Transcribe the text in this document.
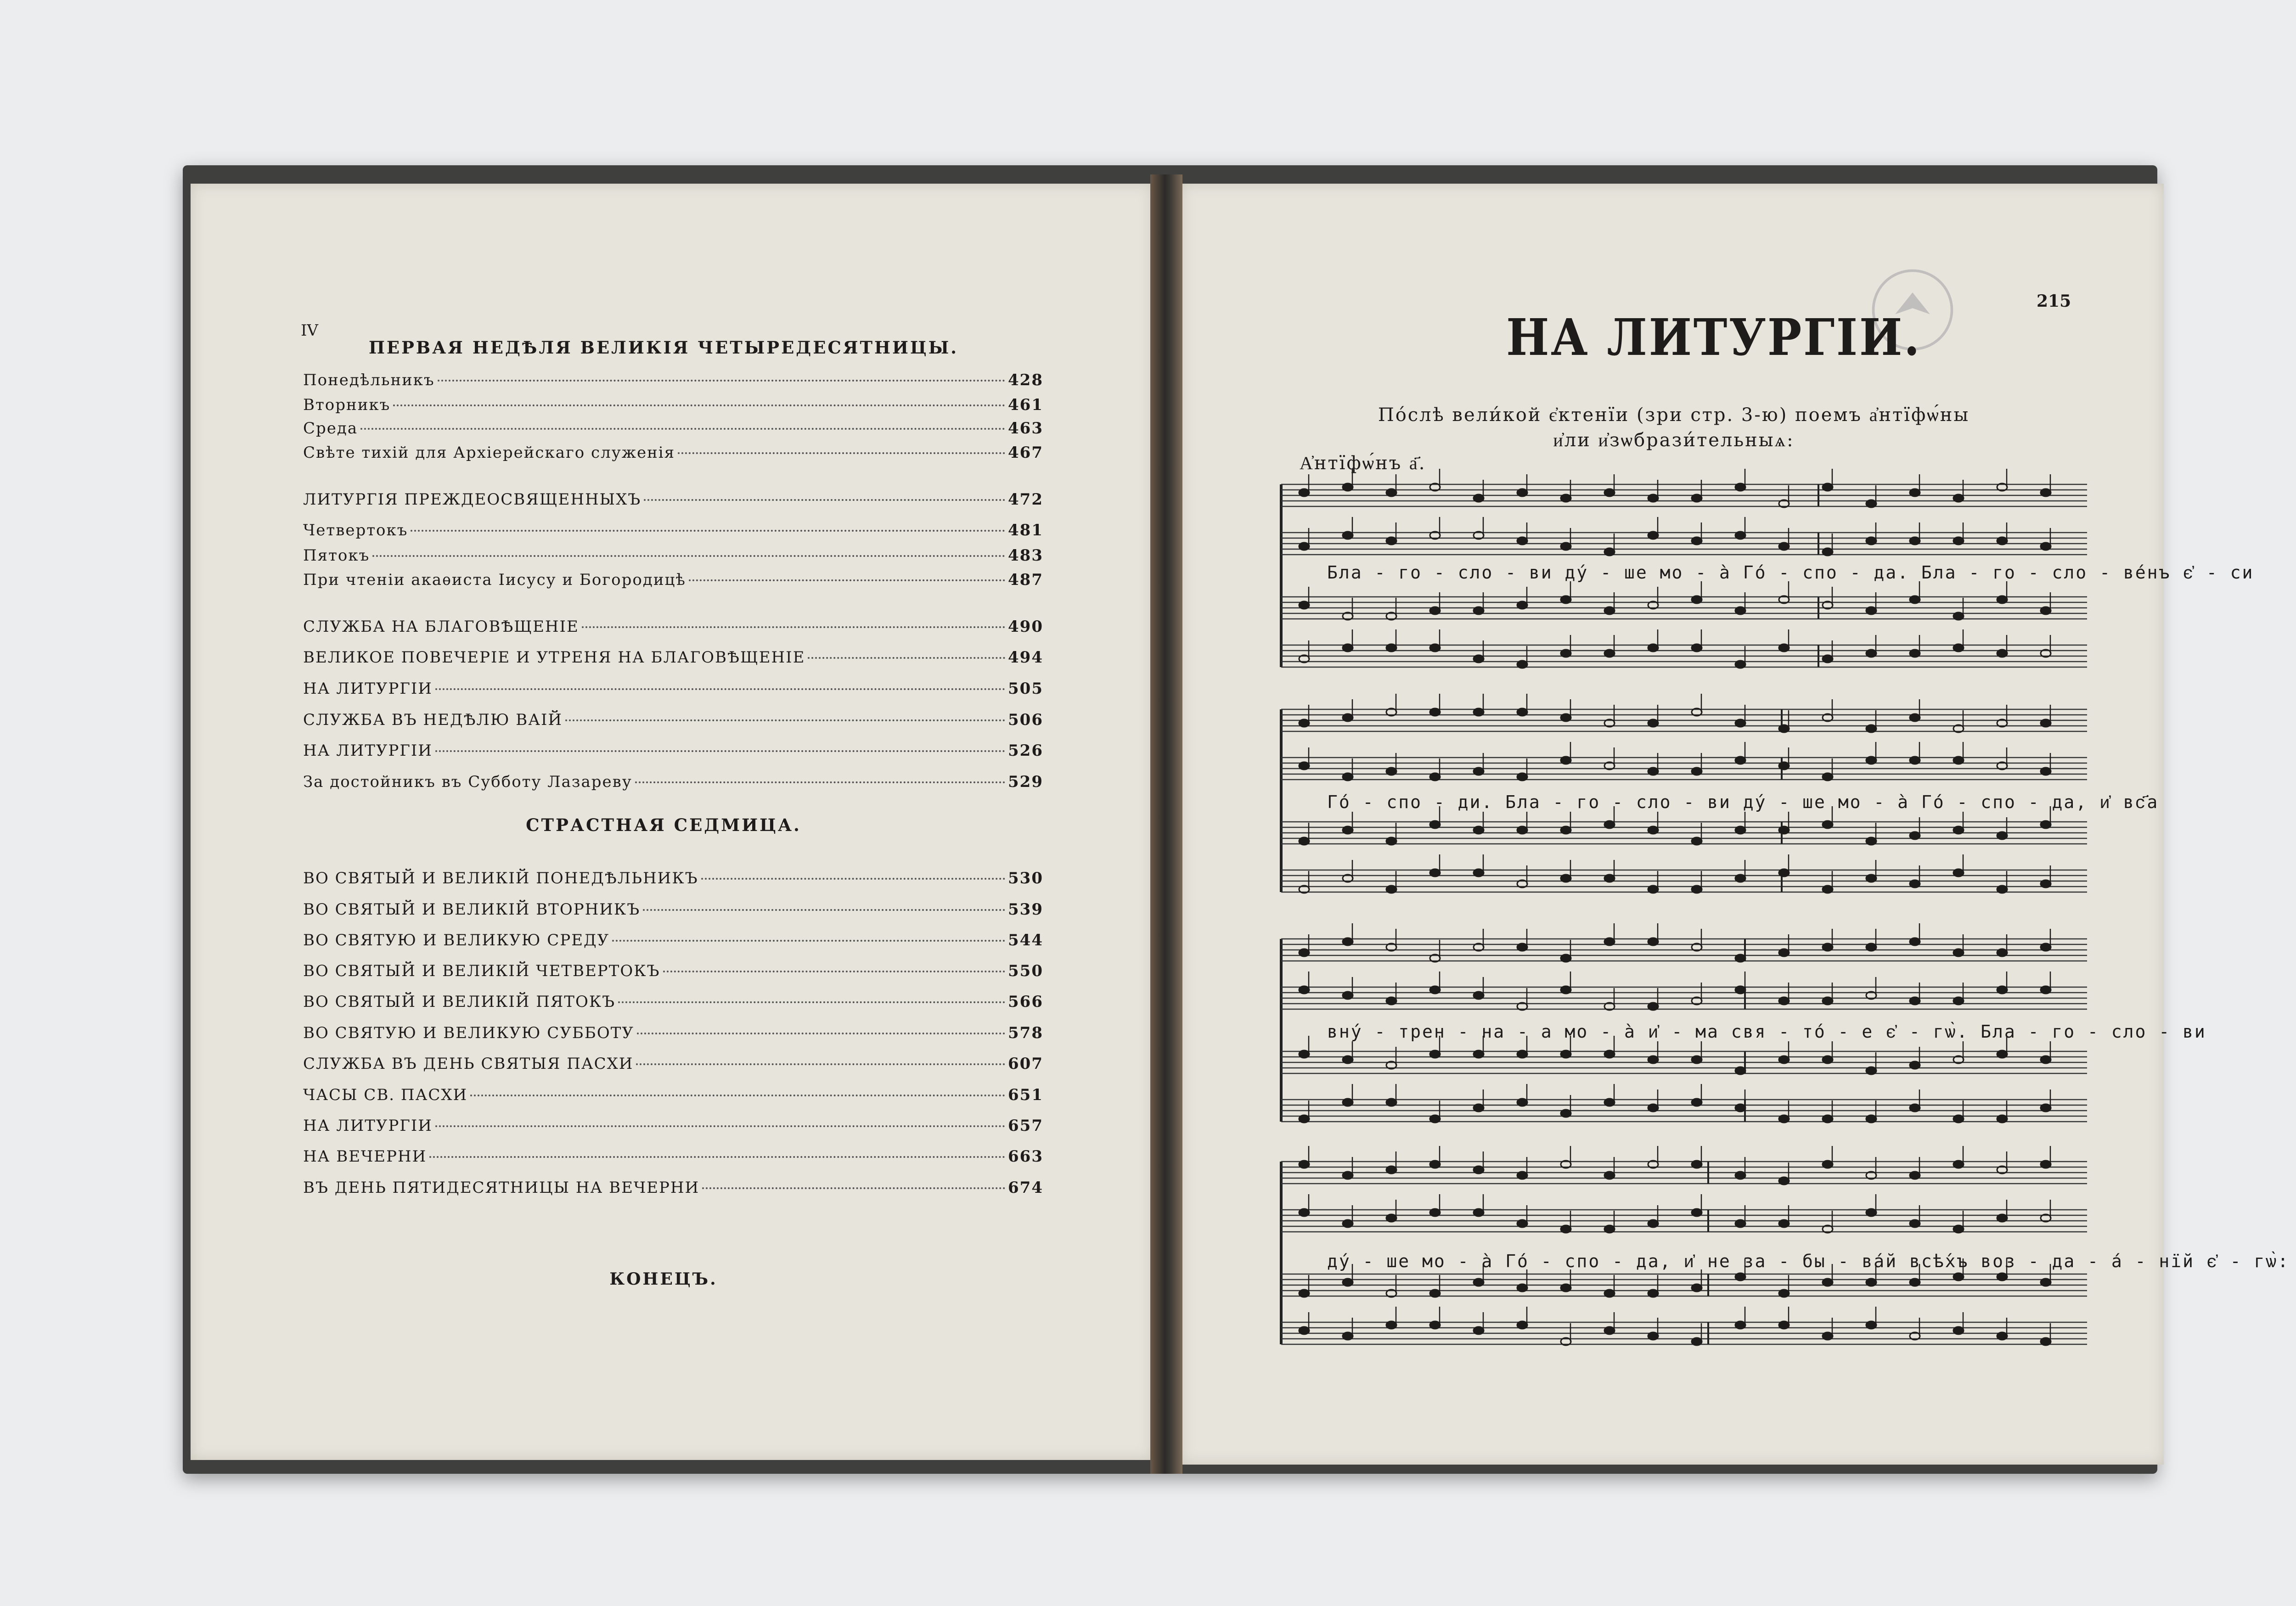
IV
ПЕРВАЯ НЕДѢЛЯ ВЕЛИКІЯ ЧЕТЫРЕДЕСЯТНИЦЫ.
Понедѣльникъ	428
Вторникъ	461
Среда	463
Свѣте тихій для Архіерейскаго служенія	467
ЛИТУРГІЯ ПРЕЖДЕОСВЯЩЕННЫХЪ	472
Четвертокъ	481
Пятокъ	483
При чтеніи акаѳиста Іисусу и Богородицѣ	487
СЛУЖБА НА БЛАГОВѢЩЕНІЕ	490
ВЕЛИКОЕ ПОВЕЧЕРІЕ И УТРЕНЯ НА БЛАГОВѢЩЕНІЕ	494
НА ЛИТУРГІИ	505
СЛУЖБА ВЪ НЕДѢЛЮ ВАІЙ	506
НА ЛИТУРГІИ	526
За достойникъ въ Субботу Лазареву	529
СТРАСТНАЯ СЕДМИЦА.
ВО СВЯТЫЙ И ВЕЛИКІЙ ПОНЕДѢЛЬНИКЪ	530
ВО СВЯТЫЙ И ВЕЛИКІЙ ВТОРНИКЪ	539
ВО СВЯТУЮ И ВЕЛИКУЮ СРЕДУ	544
ВО СВЯТЫЙ И ВЕЛИКІЙ ЧЕТВЕРТОКЪ	550
ВО СВЯТЫЙ И ВЕЛИКІЙ ПЯТОКЪ	566
ВО СВЯТУЮ И ВЕЛИКУЮ СУББОТУ	578
СЛУЖБА ВЪ ДЕНЬ СВЯТЫЯ ПАСХИ	607
ЧАСЫ СВ. ПАСХИ	651
НА ЛИТУРГІИ	657
НА ВЕЧЕРНИ	663
ВЪ ДЕНЬ ПЯТИДЕСЯТНИЦЫ НА ВЕЧЕРНИ	674
КОНЕЦЪ.
215
НА ЛИТУРГІИ.
По́слѣ вели́кой є҆ктенїи (зри стр. 3-ю) поемъ а҆нтїфѡ́ны
и҆ли и҆зѡбрази́тельныѧ:
А҆нтїфѡ́нъ а҃.
Бла - го - сло - ви ду́ - ше мо - а̀ Го́ - спо - да. Бла - го - сло - ве́нъ є҆ - си
Го́ - спо - ди. Бла - го - сло - ви ду́ - ше мо - а̀ Го́ - спо - да, и҆ вс҃а
вну́ - трен - на - а мо - а̀ и҆ - ма свя - то́ - е є҆ - гѡ̀. Бла - го - сло - ви
ду́ - ше мо - а̀ Го́ - спо - да, и҆ не за - бы - ва́й всѣ́хъ воз - да - а́ - нїй є҆ - гѡ̀:
